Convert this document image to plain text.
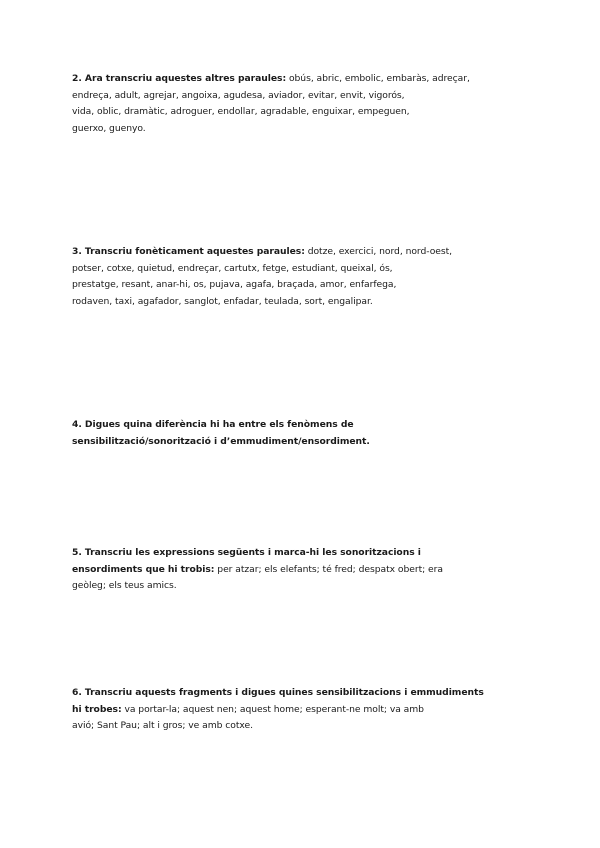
2. Ara transcriu aquestes altres paraules: obús, abric, embolic, embaràs, adreçar,
endreça, adult, agrejar, angoixa, agudesa, aviador, evitar, envit, vigorós,
vida, oblic, dramàtic, adroguer, endollar, agradable, enguixar, empeguen,
guerxo, guenyo.
3. Transcriu fonèticament aquestes paraules: dotze, exercici, nord, nord-oest,
potser, cotxe, quietud, endreçar, cartutx, fetge, estudiant, queixal, ós,
prestatge, resant, anar-hi, os, pujava, agafa, braçada, amor, enfarfega,
rodaven, taxi, agafador, sanglot, enfadar, teulada, sort, engalipar.
4. Digues quina diferència hi ha entre els fenòmens de
sensibilització/sonorització i d’emmudiment/ensordiment.
5. Transcriu les expressions següents i marca-hi les sonoritzacions i
ensordiments que hi trobis: per atzar; els elefants; té fred; despatx obert; era
geòleg; els teus amics.
6. Transcriu aquests fragments i digues quines sensibilitzacions i emmudiments
hi trobes: va portar-la; aquest nen; aquest home; esperant-ne molt; va amb
avió; Sant Pau; alt i gros; ve amb cotxe.
